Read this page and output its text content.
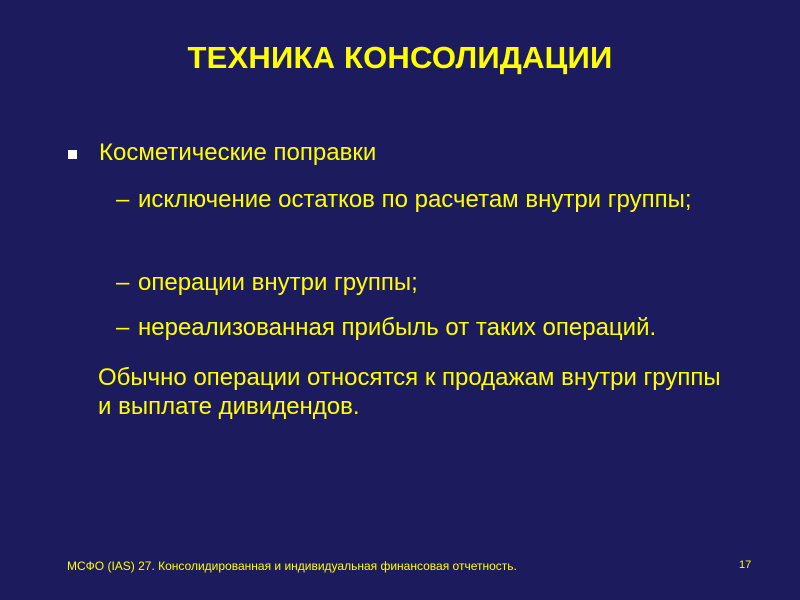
ТЕХНИКА КОНСОЛИДАЦИИ
Косметические поправки
– исключение остатков по расчетам внутри группы;
– операции внутри группы;
– нереализованная прибыль от таких операций.
Обычно операции относятся к продажам внутри группы и выплате дивидендов.
МСФО (IAS) 27. Консолидированная и индивидуальная финансовая отчетность.	17
